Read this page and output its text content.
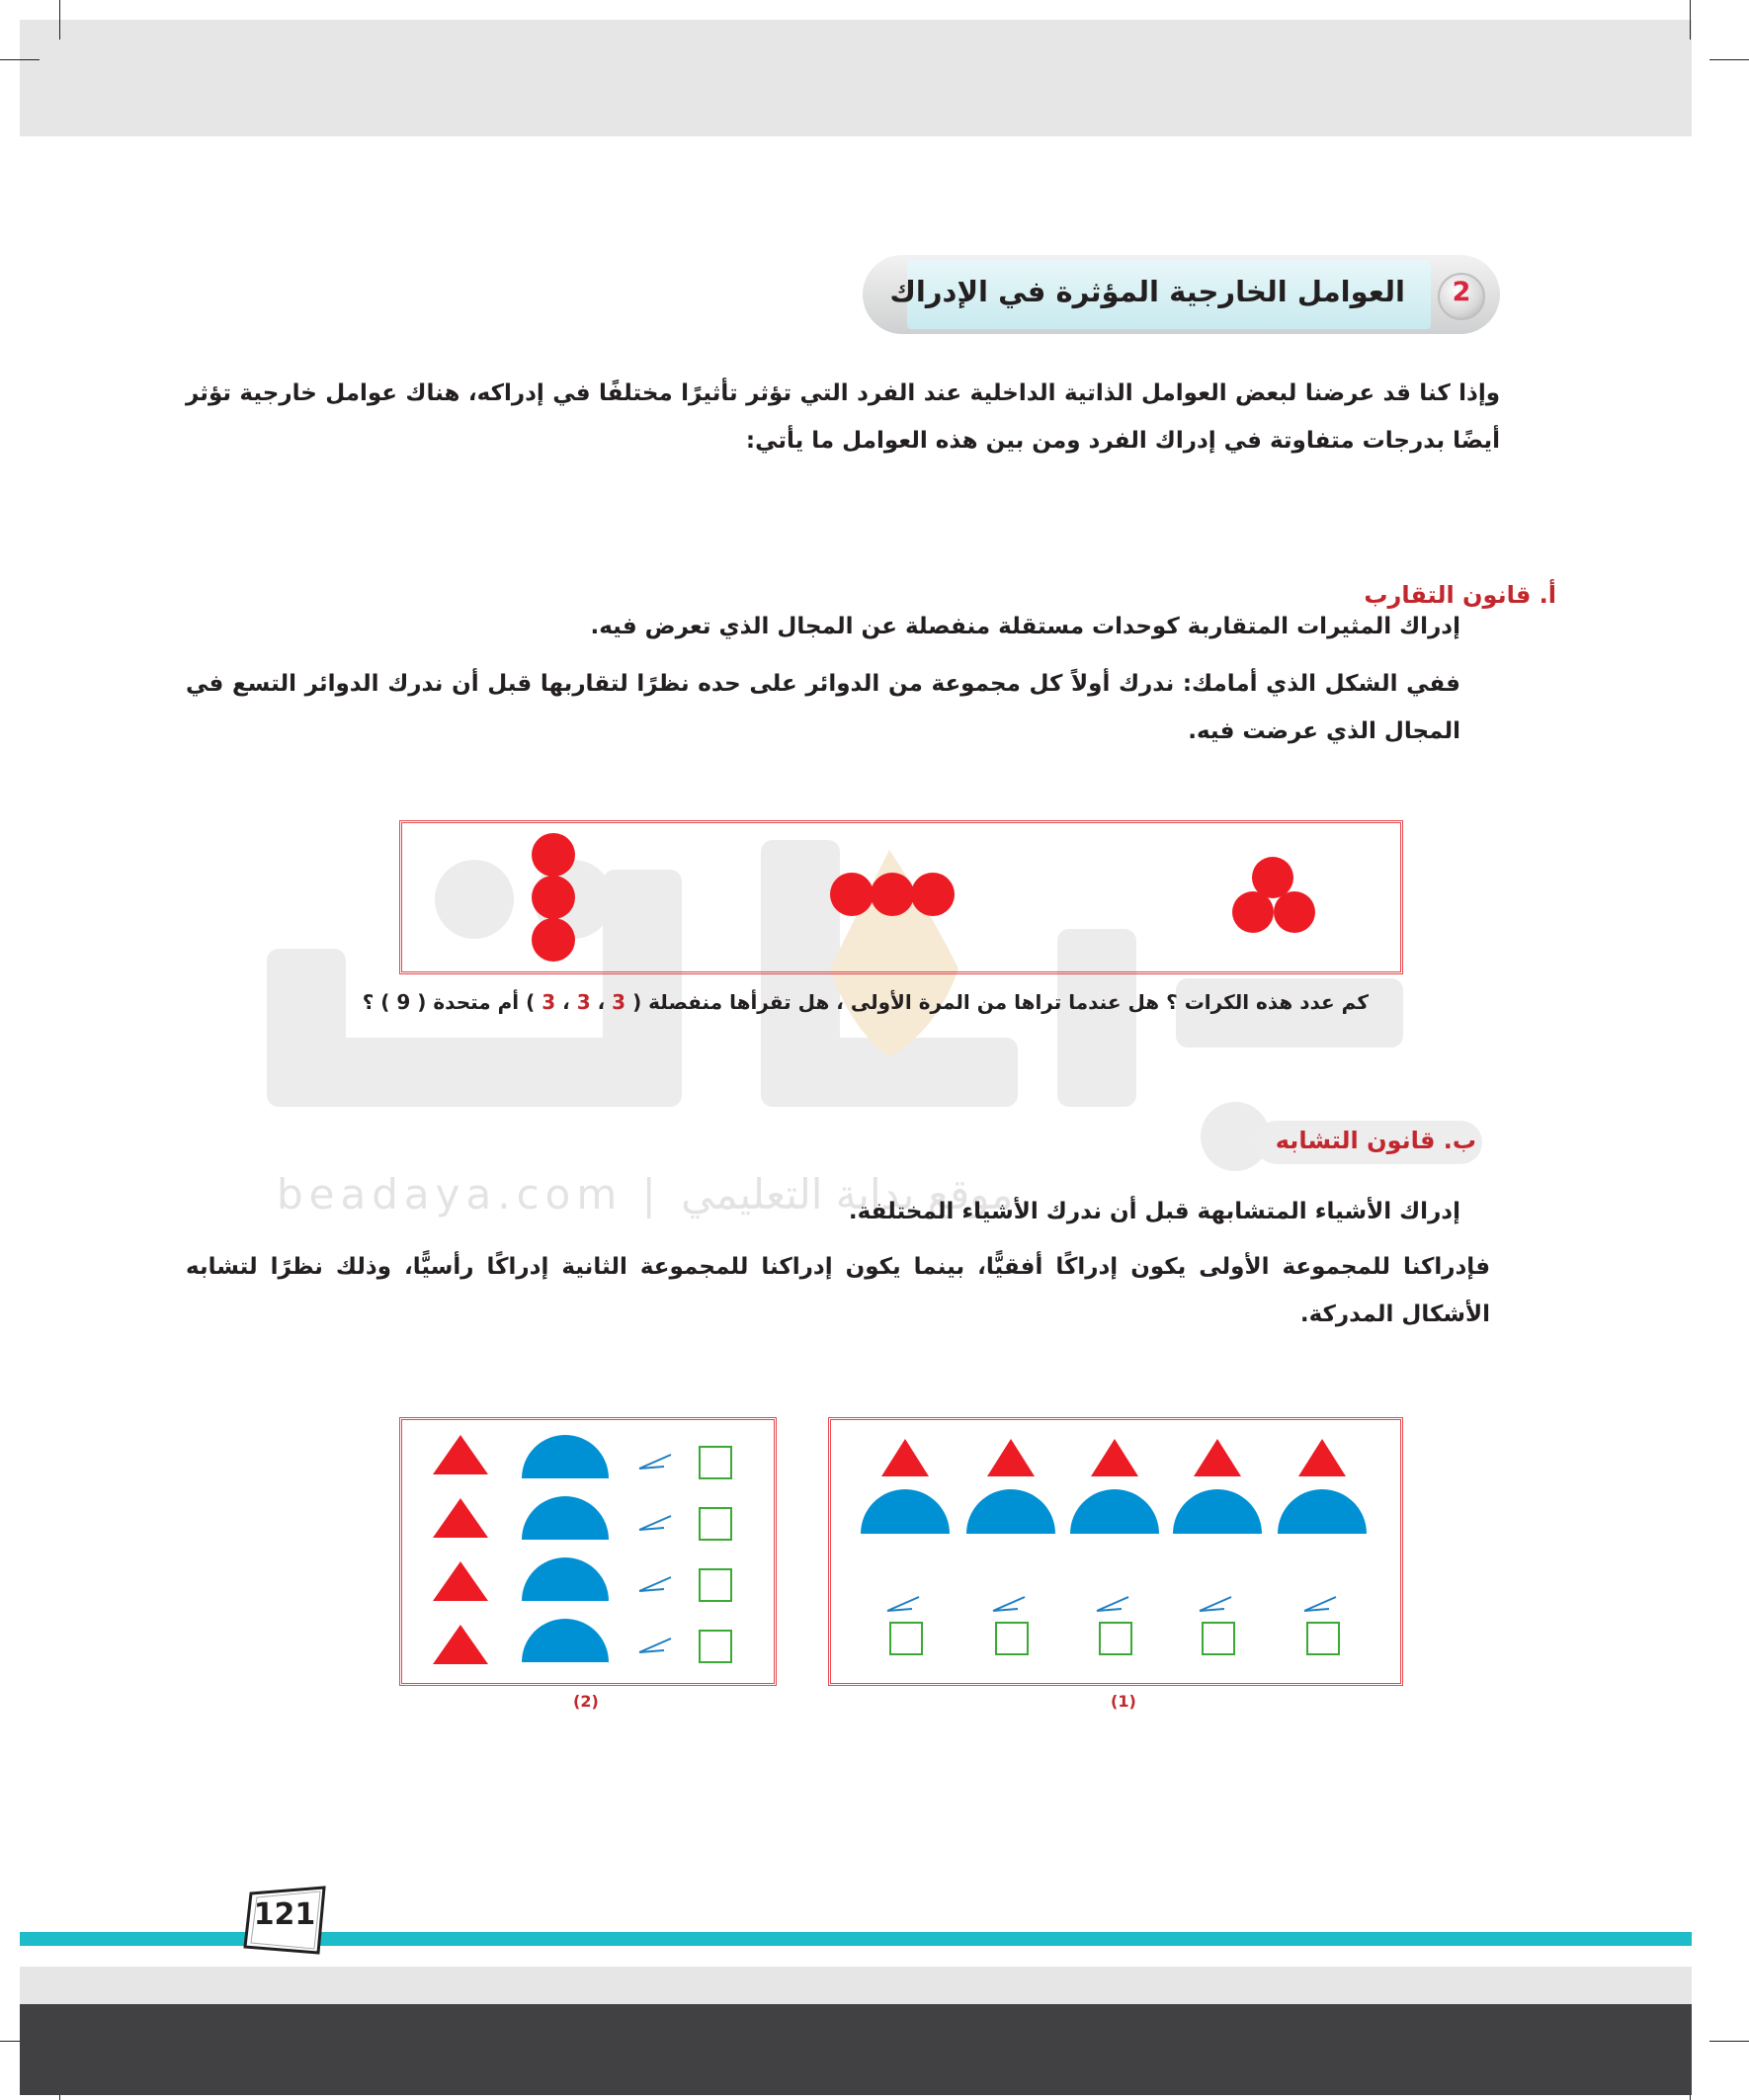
beadaya.com | موقع بداية التعليمي
العوامل الخارجية المؤثرة في الإدراك	2
وإذا كنا قد عرضنا لبعض العوامل الذاتية الداخلية عند الفرد التي تؤثر تأثيرًا مختلفًا في إدراكه، هناك عوامل خارجية تؤثر أيضًا بدرجات متفاوتة في إدراك الفرد ومن بين هذه العوامل ما يأتي:
أ. قانون التقارب
إدراك المثيرات المتقاربة كوحدات مستقلة منفصلة عن المجال الذي تعرض فيه.
ففي الشكل الذي أمامك: ندرك أولاً كل مجموعة من الدوائر على حده نظرًا لتقاربها قبل أن ندرك الدوائر التسع في المجال الذي عرضت فيه.
كم عدد هذه الكرات ؟ هل عندما تراها من المرة الأولى ، هل تقرأها منفصلة ( 3 ، 3 ، 3 ) أم متحدة ( 9 ) ؟
ب. قانون التشابه
إدراك الأشياء المتشابهة قبل أن ندرك الأشياء المختلفة.
فإدراكنا للمجموعة الأولى يكون إدراكًا أفقيًّا، بينما يكون إدراكنا للمجموعة الثانية إدراكًا رأسيًّا، وذلك نظرًا لتشابه الأشكال المدركة.
(2)	(1)
121
